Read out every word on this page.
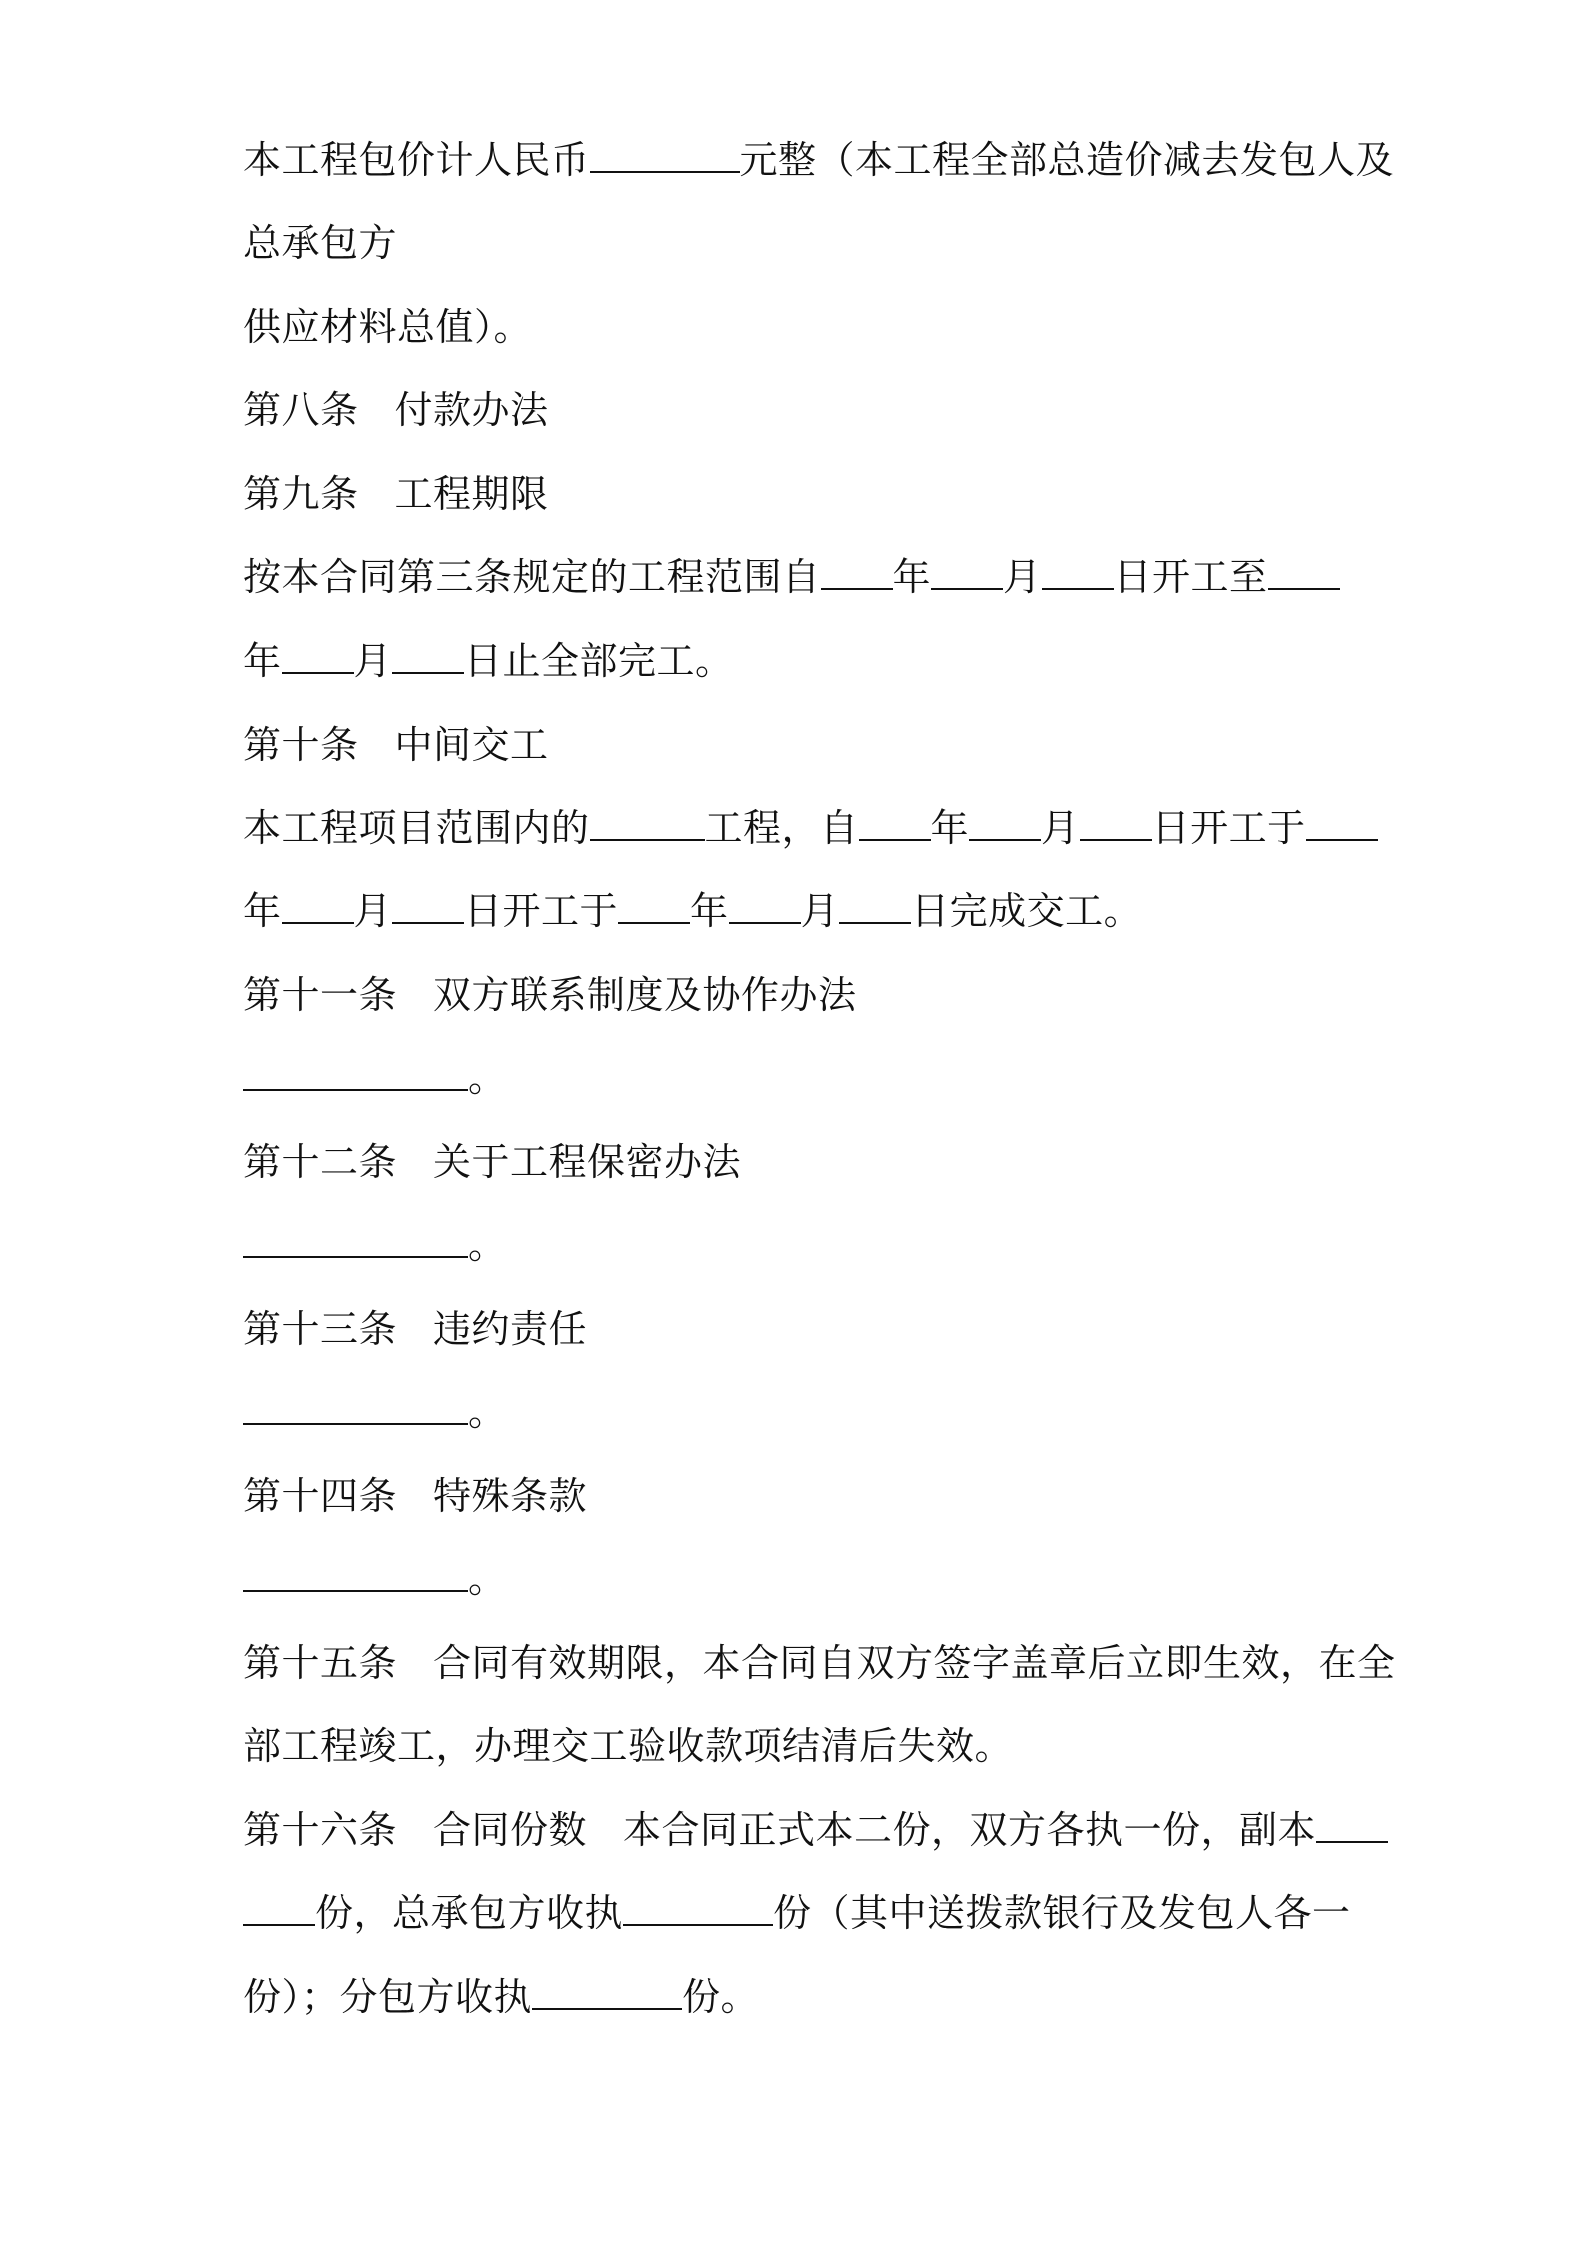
本工程包价计人民币	元整（本工程全部总造价减去发包人及
总承包方
供应材料总值）。
第八条 付款办法
第九条 工程期限
按本合同第三条规定的工程范围自 年 月 日开工至
年 月 日止全部完工。
第十条 中间交工
本工程项目范围内的	工程，自 年 月 日开工于
年 月 日开工于 年 月 日完成交工。
第十一条 双方联系制度及协作办法
。
第十二条 关于工程保密办法
。
第十三条 违约责任
。
第十四条 特殊条款
。
第十五条 合同有效期限，本合同自双方签字盖章后立即生效，在全
部工程竣工，办理交工验收款项结清后失效。
第十六条 合同份数 本合同正式本二份，双方各执一份，副本
份，总承包方收执	份（其中送拨款银行及发包人各一
份）；分包方收执	份。
